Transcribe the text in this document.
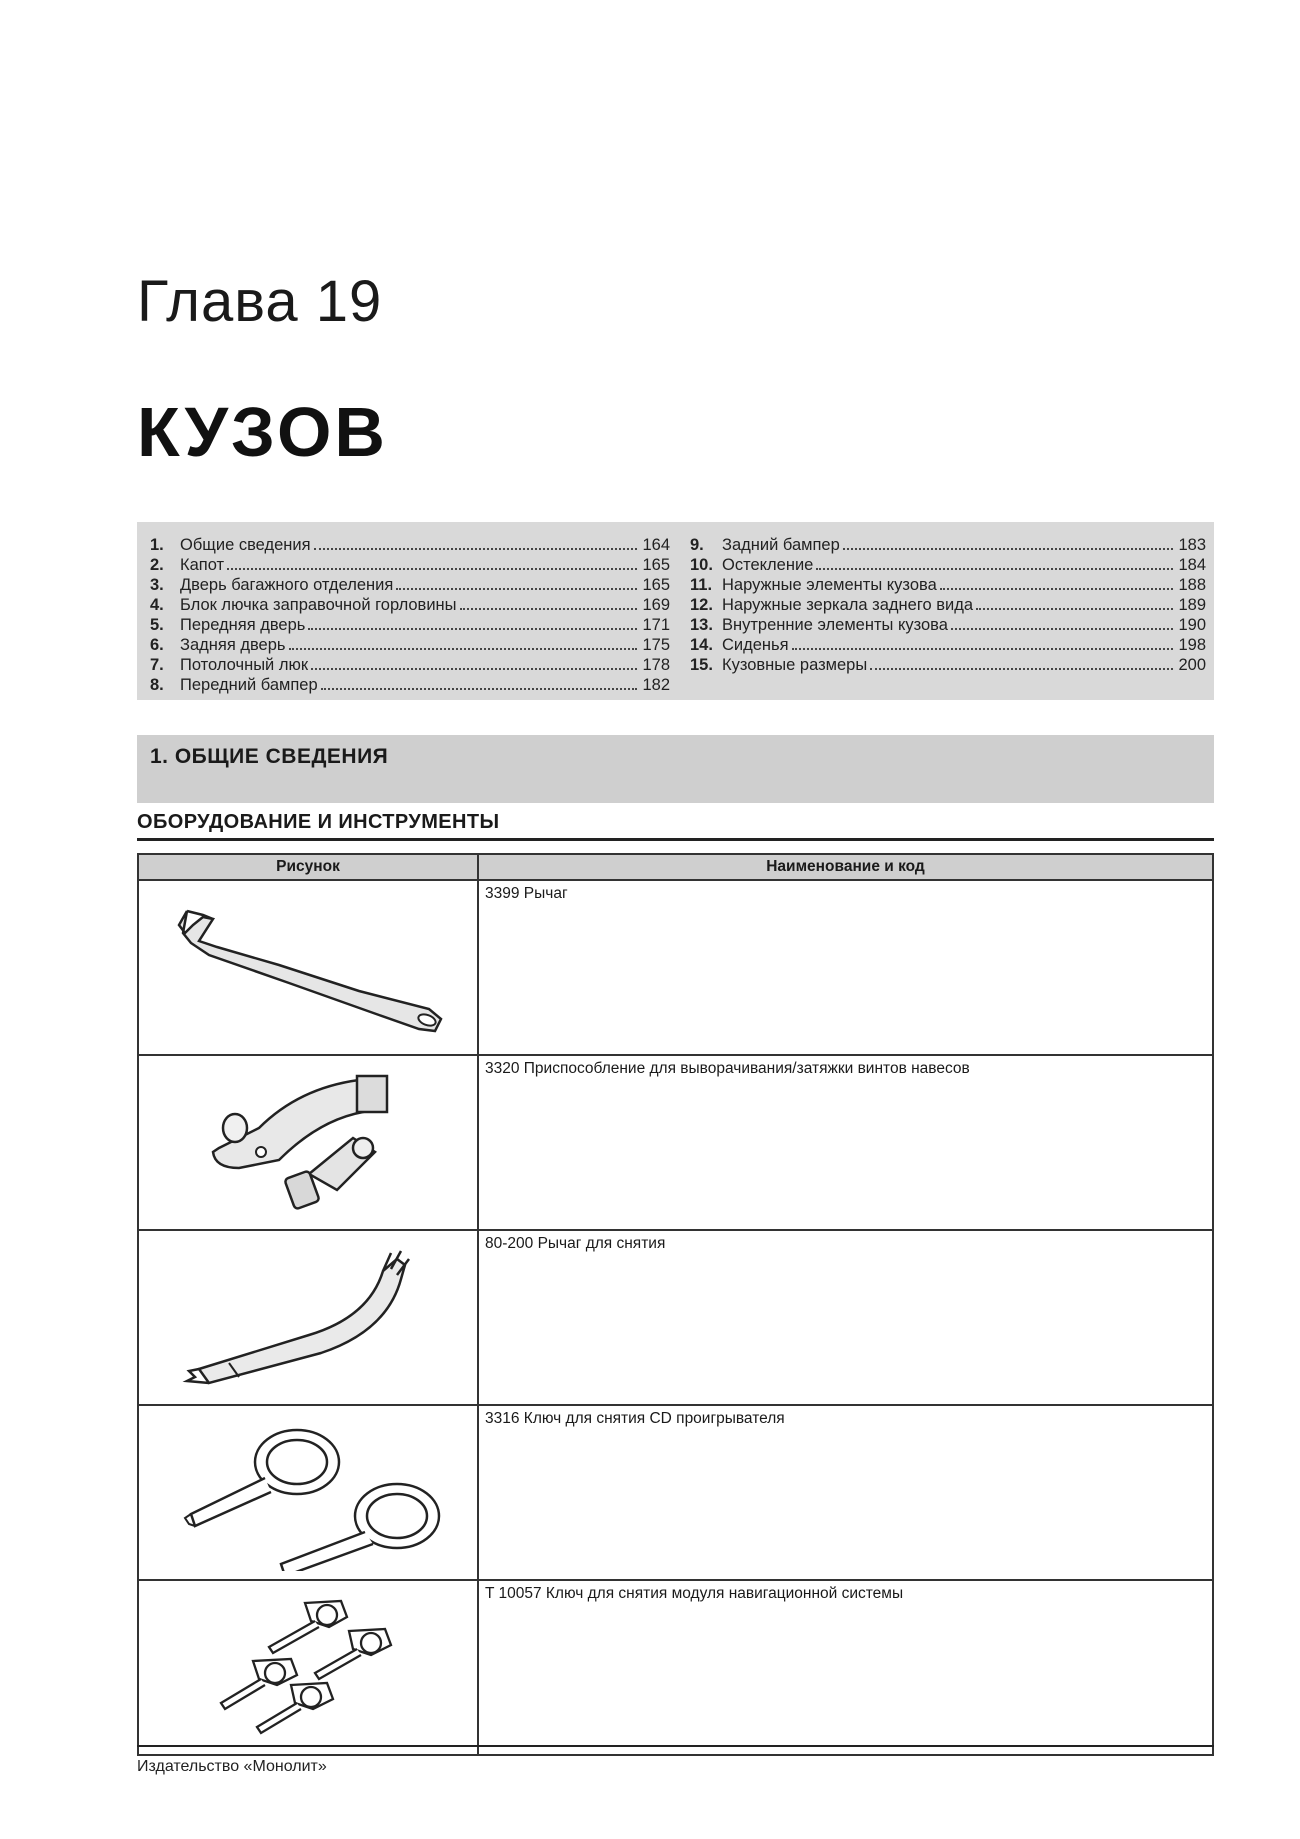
Глава 19
КУЗОВ
1. Общие сведения	164
2. Капот	165
3. Дверь багажного отделения	165
4. Блок лючка заправочной горловины	169
5. Передняя дверь	171
6. Задняя дверь	175
7. Потолочный люк	178
8. Передний бампер	182
9.	Задний бампер	183
10. Остекление	184
11. Наружные элементы кузова	188
12. Наружные зеркала заднего вида	189
13. Внутренние элементы кузова	190
14. Сиденья	198
15. Кузовные размеры	200
1. ОБЩИЕ СВЕДЕНИЯ
ОБОРУДОВАНИЕ И ИНСТРУМЕНТЫ
Рисунок	Наименование и код

	3399 Рычаг

	3320 Приспособление для выворачивания/затяжки винтов навесов

	80-200 Рычаг для снятия

	3316 Ключ для снятия CD проигрывателя

	T 10057 Ключ для снятия модуля навигационной системы
Издательство «Монолит»
